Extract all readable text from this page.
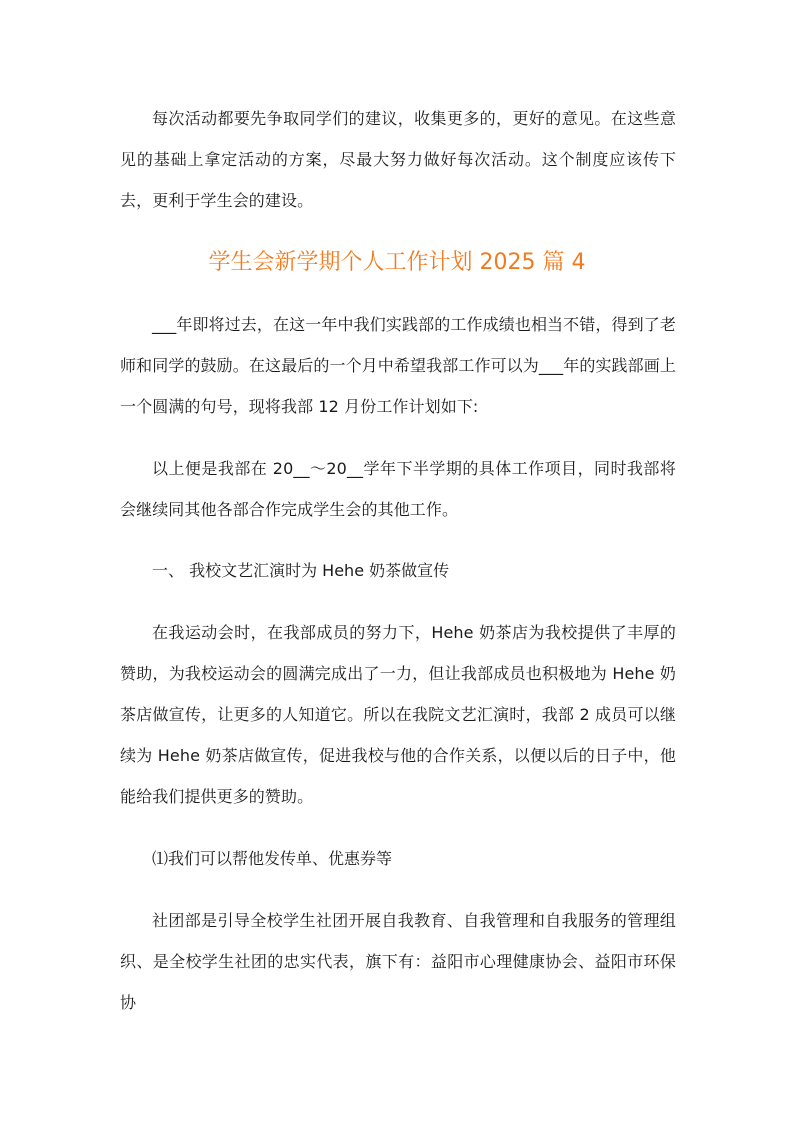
每次活动都要先争取同学们的建议，收集更多的，更好的意见。在这些意见的基础上拿定活动的方案，尽最大努力做好每次活动。这个制度应该传下去，更利于学生会的建设。

学生会新学期个人工作计划 2025 篇 4

___年即将过去，在这一年中我们实践部的工作成绩也相当不错，得到了老师和同学的鼓励。在这最后的一个月中希望我部工作可以为___年的实践部画上一个圆满的句号，现将我部 12 月份工作计划如下:

以上便是我部在 20__～20__学年下半学期的具体工作项目，同时我部将会继续同其他各部合作完成学生会的其他工作。

一、 我校文艺汇演时为 Hehe 奶茶做宣传

在我运动会时，在我部成员的努力下，Hehe 奶茶店为我校提供了丰厚的赞助，为我校运动会的圆满完成出了一力，但让我部成员也积极地为 Hehe 奶茶店做宣传，让更多的人知道它。所以在我院文艺汇演时，我部 2 成员可以继续为 Hehe 奶茶店做宣传，促进我校与他的合作关系，以便以后的日子中，他能给我们提供更多的赞助。

⑴我们可以帮他发传单、优惠券等

社团部是引导全校学生社团开展自我教育、自我管理和自我服务的管理组织、是全校学生社团的忠实代表，旗下有：益阳市心理健康协会、益阳市环保协
